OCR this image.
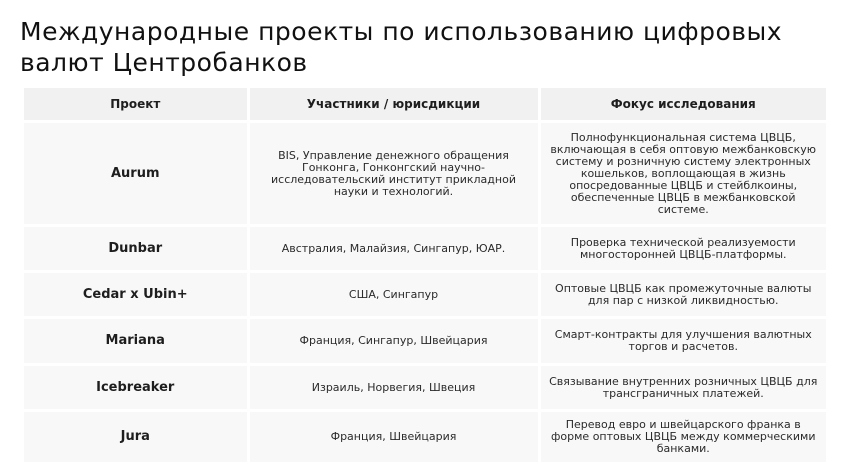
Международные проекты по использованию цифровых валют Центробанков
Проект	Участники / юрисдикции	Фокус исследования
Aurum	BIS, Управление денежного обращения Гонконга, Гонконгский научно-исследовательский институт прикладной науки и технологий.	Полнофункциональная система ЦВЦБ, включающая в себя оптовую межбанковскую систему и розничную систему электронных кошельков, воплощающая в жизнь опосредованные ЦВЦБ и стейблкоины, обеспеченные ЦВЦБ в межбанковской системе.
Dunbar	Австралия, Малайзия, Сингапур, ЮАР.	Проверка технической реализуемости многосторонней ЦВЦБ-платформы.
Cedar x Ubin+	США, Сингапур	Оптовые ЦВЦБ как промежуточные валюты для пар с низкой ликвидностью.
Mariana	Франция, Сингапур, Швейцария	Смарт-контракты для улучшения валютных торгов и расчетов.
Icebreaker	Израиль, Норвегия, Швеция	Связывание внутренних розничных ЦВЦБ для трансграничных платежей.
Jura	Франция, Швейцария	Перевод евро и швейцарского франка в форме оптовых ЦВЦБ между коммерческими банками.
